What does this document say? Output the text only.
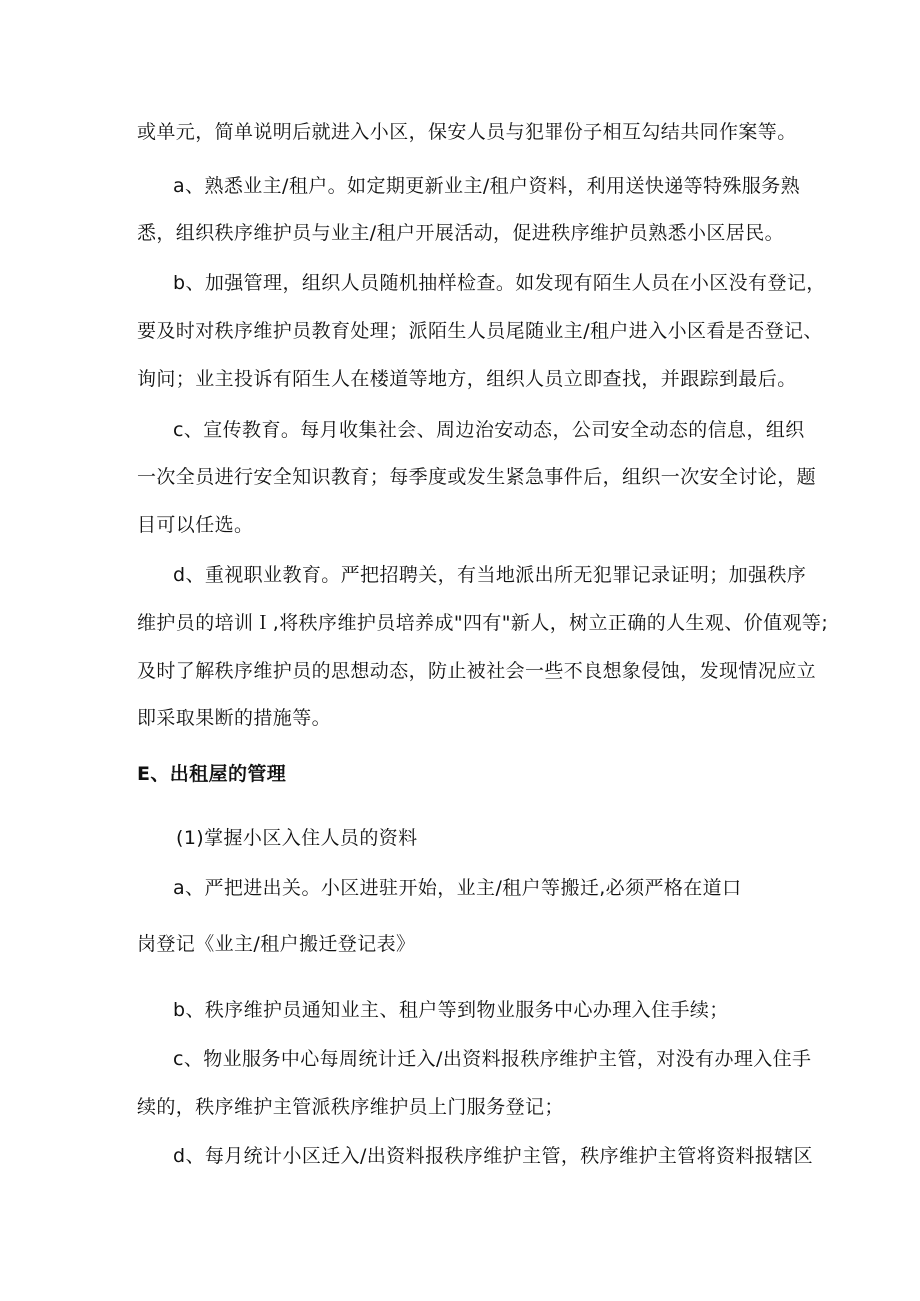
或单元，简单说明后就进入小区，保安人员与犯罪份子相互勾结共同作案等。
a、熟悉业主/租户。如定期更新业主/租户资料，利用送快递等特殊服务熟
悉，组织秩序维护员与业主/租户开展活动，促进秩序维护员熟悉小区居民。
b、加强管理，组织人员随机抽样检查。如发现有陌生人员在小区没有登记，
要及时对秩序维护员教育处理；派陌生人员尾随业主/租户进入小区看是否登记、
询问；业主投诉有陌生人在楼道等地方，组织人员立即查找，并跟踪到最后。
c、宣传教育。每月收集社会、周边治安动态，公司安全动态的信息，组织
一次全员进行安全知识教育；每季度或发生紧急事件后，组织一次安全讨论，题
目可以任选。
d、重视职业教育。严把招聘关，有当地派出所无犯罪记录证明；加强秩序
维护员的培训Ｉ,将秩序维护员培养成"四有"新人，树立正确的人生观、价值观等;
及时了解秩序维护员的思想动态，防止被社会一些不良想象侵蚀，发现情况应立
即采取果断的措施等。
E、出租屋的管理
(1)掌握小区入住人员的资料
a、严把进出关。小区进驻开始，业主/租户等搬迁,必须严格在道口
岗登记《业主/租户搬迁登记表》
b、秩序维护员通知业主、租户等到物业服务中心办理入住手续；
c、物业服务中心每周统计迁入/出资料报秩序维护主管，对没有办理入住手
续的，秩序维护主管派秩序维护员上门服务登记；
d、每月统计小区迁入/出资料报秩序维护主管，秩序维护主管将资料报辖区
